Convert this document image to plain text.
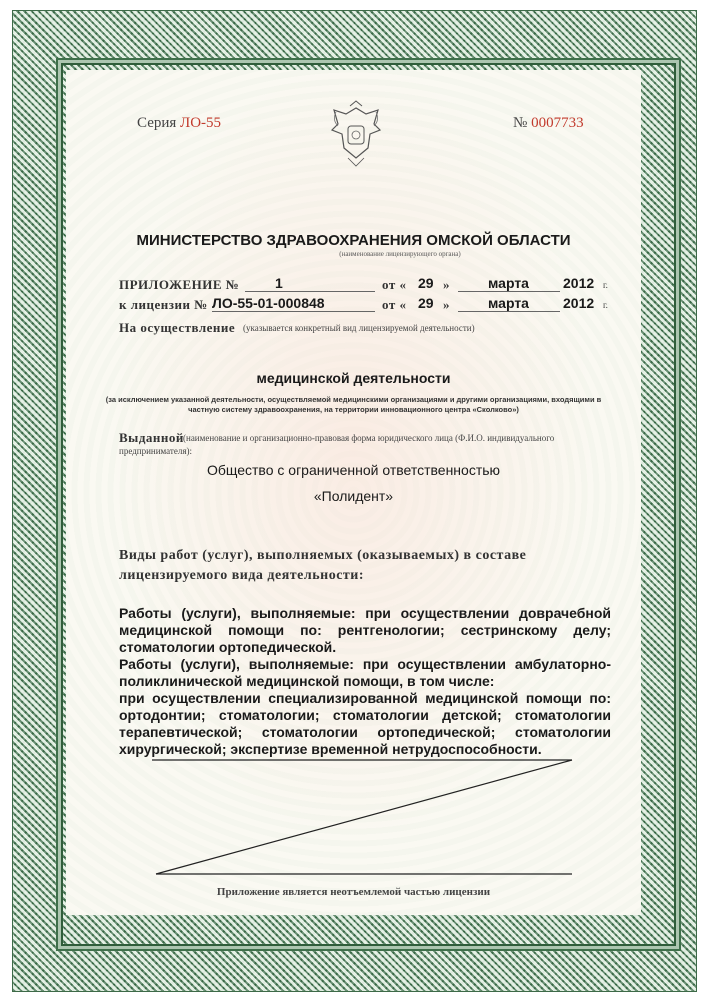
Серия ЛО-55	№ 0007733
МИНИСТЕРСТВО ЗДРАВООХРАНЕНИЯ ОМСКОЙ ОБЛАСТИ
(наименование лицензирующего органа)
ПРИЛОЖЕНИЕ №	1	от « 29 »	марта	2012 г.
к лицензии № ЛО-55-01-000848	от « 29 »	марта	2012 г.
На осуществление (указывается конкретный вид лицензируемой деятельности)
медицинской деятельности
(за исключением указанной деятельности, осуществляемой медицинскими организациями и другими организациями, входящими в
частную систему здравоохранения, на территории инновационного центра «Сколково»)
Выданной (наименование и организационно-правовая форма юридического лица (Ф.И.О. индивидуального
предпринимателя):
Общество с ограниченной ответственностью
«Полидент»
Виды работ (услуг), выполняемых (оказываемых) в составе
лицензируемого вида деятельности:

Работы (услуги), выполняемые: при осуществлении доврачебной медицинской помощи по: рентгенологии; сестринскому делу; стоматологии ортопедической.

Работы (услуги), выполняемые: при осуществлении амбулаторно-поликлинической медицинской помощи, в том числе:

при осуществлении специализированной медицинской помощи по: ортодонтии; стоматологии; стоматологии детской; стоматологии терапевтической; стоматологии ортопедической; стоматологии хирургической; экспертизе временной нетрудоспособности.

Приложение является неотъемлемой частью лицензии
